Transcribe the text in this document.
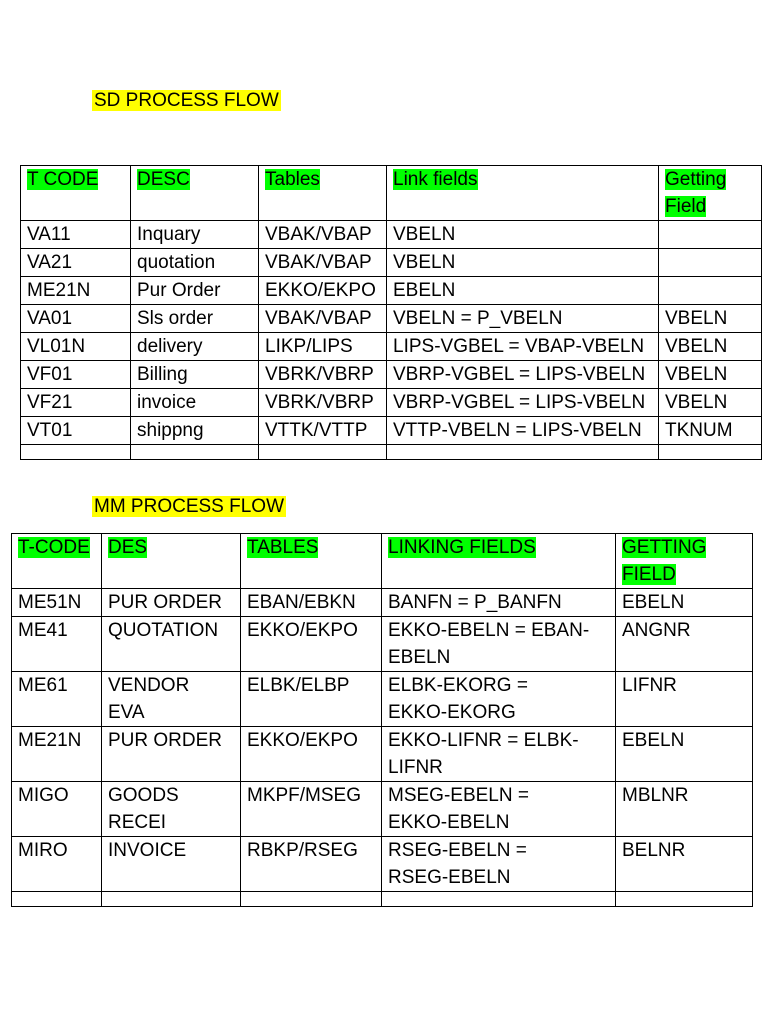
SD PROCESS FLOW
T CODE	DESC	Tables	Link fields	Getting Field
VA11	Inquary	VBAK/VBAP	VBELN	
VA21	quotation	VBAK/VBAP	VBELN	
ME21N	Pur Order	EKKO/EKPO	EBELN	
VA01	Sls order	VBAK/VBAP	VBELN = P_VBELN	VBELN
VL01N	delivery	LIKP/LIPS	LIPS-VGBEL = VBAP-VBELN	VBELN
VF01	Billing	VBRK/VBRP	VBRP-VGBEL = LIPS-VBELN	VBELN
VF21	invoice	VBRK/VBRP	VBRP-VGBEL = LIPS-VBELN	VBELN
VT01	shippng	VTTK/VTTP	VTTP-VBELN = LIPS-VBELN	TKNUM

MM PROCESS FLOW
T-CODE	DES	TABLES	LINKING FIELDS	GETTING FIELD
ME51N	PUR ORDER	EBAN/EBKN	BANFN = P_BANFN	EBELN
ME41	QUOTATION	EKKO/EKPO	EKKO-EBELN = EBAN-EBELN	ANGNR
ME61	VENDOR EVA	ELBK/ELBP	ELBK-EKORG = EKKO-EKORG	LIFNR
ME21N	PUR ORDER	EKKO/EKPO	EKKO-LIFNR = ELBK-LIFNR	EBELN
MIGO	GOODS RECEI	MKPF/MSEG	MSEG-EBELN = EKKO-EBELN	MBLNR
MIRO	INVOICE	RBKP/RSEG	RSEG-EBELN = RSEG-EBELN	BELNR
